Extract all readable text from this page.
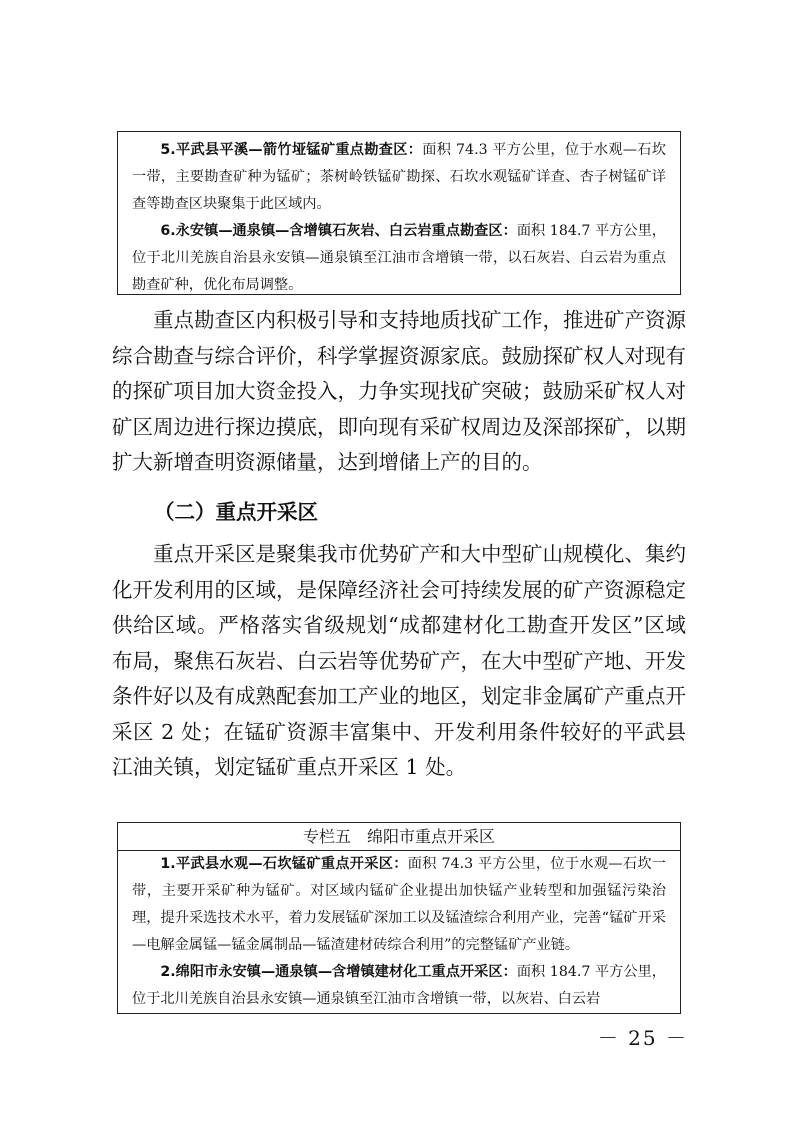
5.平武县平溪—箭竹垭锰矿重点勘查区：面积 74.3 平方公里，位于水观—石坎一带，主要勘查矿种为锰矿；茶树岭铁锰矿勘探、石坎水观锰矿详查、杏子树锰矿详查等勘查区块聚集于此区域内。

6.永安镇—通泉镇—含增镇石灰岩、白云岩重点勘查区：面积 184.7 平方公里，位于北川羌族自治县永安镇—通泉镇至江油市含增镇一带，以石灰岩、白云岩为重点勘查矿种，优化布局调整。

重点勘查区内积极引导和支持地质找矿工作，推进矿产资源综合勘查与综合评价，科学掌握资源家底。鼓励探矿权人对现有的探矿项目加大资金投入，力争实现找矿突破；鼓励采矿权人对矿区周边进行探边摸底，即向现有采矿权周边及深部探矿，以期扩大新增查明资源储量，达到增储上产的目的。

（二）重点开采区

重点开采区是聚集我市优势矿产和大中型矿山规模化、集约化开发利用的区域，是保障经济社会可持续发展的矿产资源稳定供给区域。严格落实省级规划“成都建材化工勘查开发区”区域布局，聚焦石灰岩、白云岩等优势矿产，在大中型矿产地、开发条件好以及有成熟配套加工产业的地区，划定非金属矿产重点开采区 2 处；在锰矿资源丰富集中、开发利用条件较好的平武县江油关镇，划定锰矿重点开采区 1 处。

专栏五　绵阳市重点开采区

1.平武县水观—石坎锰矿重点开采区：面积 74.3 平方公里，位于水观—石坎一带，主要开采矿种为锰矿。对区域内锰矿企业提出加快锰产业转型和加强锰污染治理，提升采选技术水平，着力发展锰矿深加工以及锰渣综合利用产业，完善“锰矿开采—电解金属锰—锰金属制品—锰渣建材砖综合利用”的完整锰矿产业链。

2.绵阳市永安镇—通泉镇—含增镇建材化工重点开采区：面积 184.7 平方公里，位于北川羌族自治县永安镇—通泉镇至江油市含增镇一带，以灰岩、白云岩

－ 25 －
